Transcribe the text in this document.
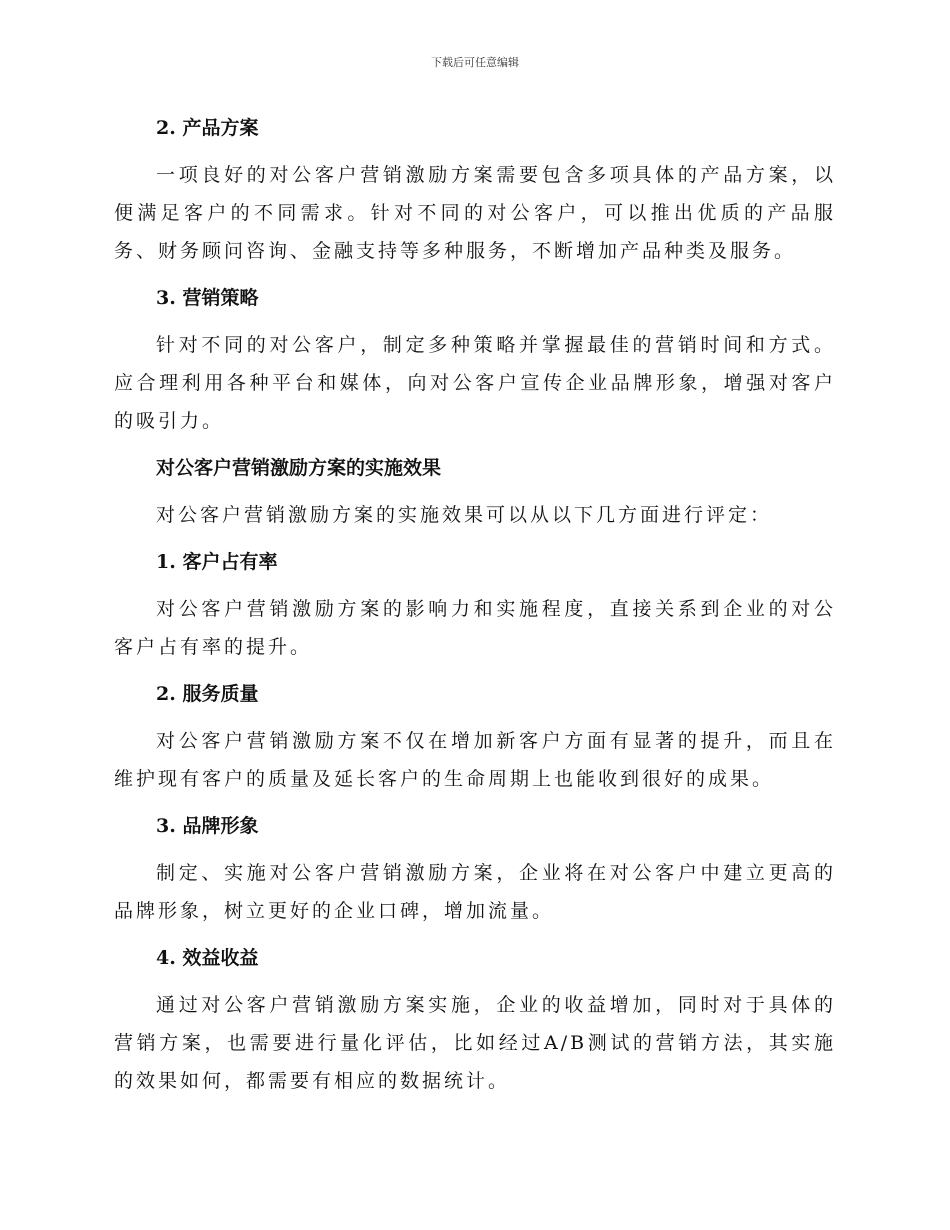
下载后可任意编辑
2. 产品方案
一项良好的对公客户营销激励方案需要包含多项具体的产品方案，以便满足客户的不同需求。针对不同的对公客户，可以推出优质的产品服务、财务顾问咨询、金融支持等多种服务，不断增加产品种类及服务。
3. 营销策略
针对不同的对公客户，制定多种策略并掌握最佳的营销时间和方式。应合理利用各种平台和媒体，向对公客户宣传企业品牌形象，增强对客户的吸引力。
对公客户营销激励方案的实施效果
对公客户营销激励方案的实施效果可以从以下几方面进行评定：
1. 客户占有率
对公客户营销激励方案的影响力和实施程度，直接关系到企业的对公客户占有率的提升。
2. 服务质量
对公客户营销激励方案不仅在增加新客户方面有显著的提升，而且在维护现有客户的质量及延长客户的生命周期上也能收到很好的成果。
3. 品牌形象
制定、实施对公客户营销激励方案，企业将在对公客户中建立更高的品牌形象，树立更好的企业口碑，增加流量。
4. 效益收益
通过对公客户营销激励方案实施，企业的收益增加，同时对于具体的营销方案，也需要进行量化评估，比如经过A/B测试的营销方法，其实施的效果如何，都需要有相应的数据统计。
